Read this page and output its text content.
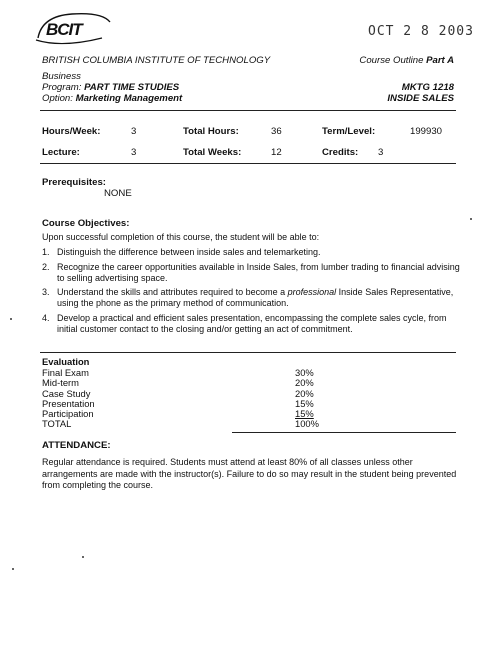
BCIT	OCT 2 8 2003
BRITISH COLUMBIA INSTITUTE OF TECHNOLOGY	Course Outline Part A
Business
Program: PART TIME STUDIES	MKTG 1218
Option: Marketing Management	INSIDE SALES
Hours/Week:	3	Total Hours:	36	Term/Level:	199930
Lecture:	3	Total Weeks:	12	Credits: 3
Prerequisites:
NONE
Course Objectives:
Upon successful completion of this course, the student will be able to:
1. Distinguish the difference between inside sales and telemarketing.
2. Recognize the career opportunities available in Inside Sales, from lumber trading to financial advising to selling advertising space.
3. Understand the skills and attributes required to become a professional Inside Sales Representative, using the phone as the primary method of communication.
4. Develop a practical and efficient sales presentation, encompassing the complete sales cycle, from initial customer contact to the closing and/or getting an act of commitment.
Evaluation
Final Exam	30%
Mid-term	20%
Case Study	20%
Presentation	15%
Participation	15%
TOTAL	100%
ATTENDANCE:
Regular attendance is required. Students must attend at least 80% of all classes unless other arrangements are made with the instructor(s). Failure to do so may result in the student being prevented from completing the course.
